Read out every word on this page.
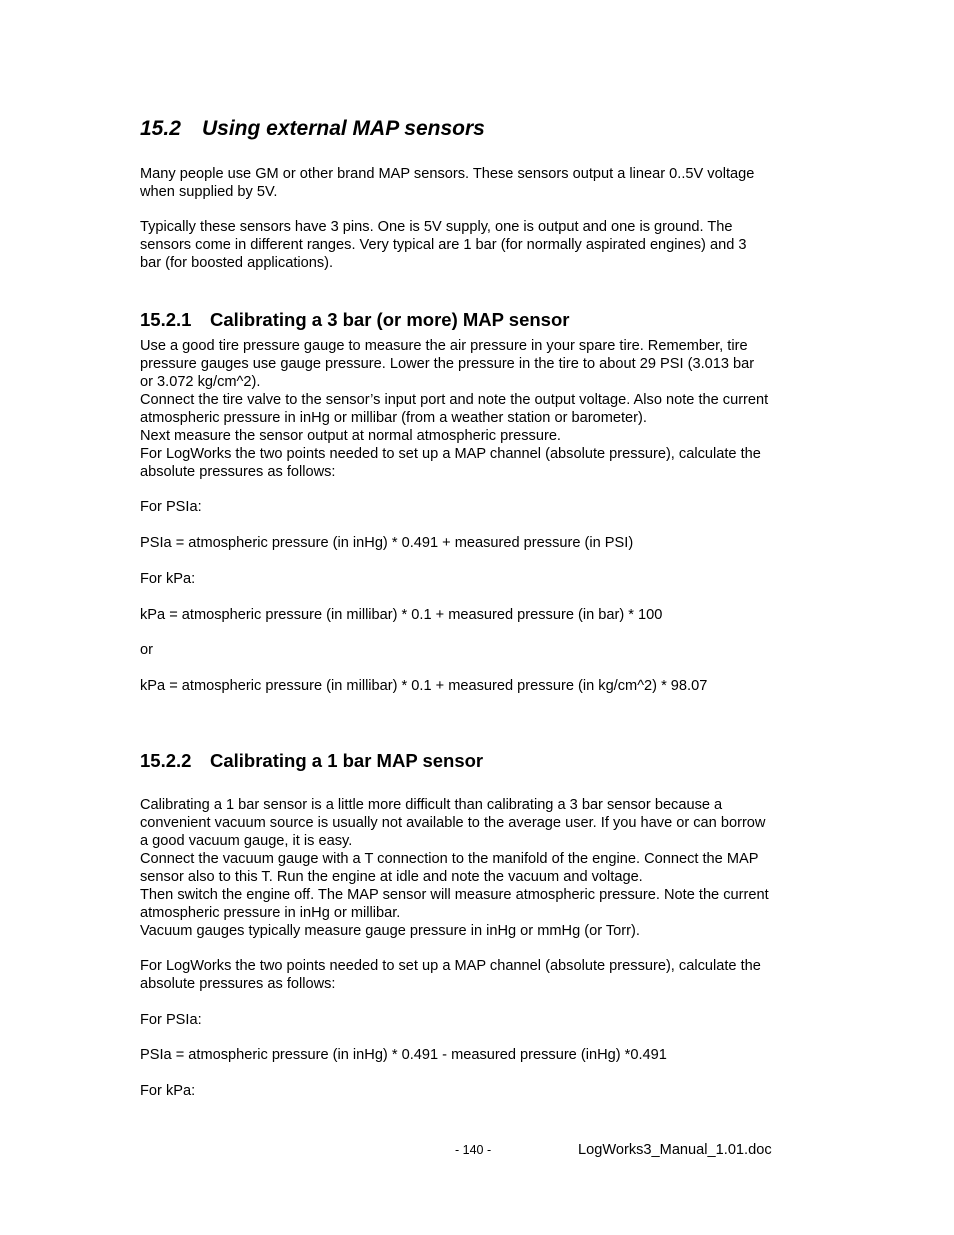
15.2 Using external MAP sensors

Many people use GM or other brand MAP sensors. These sensors output a linear 0..5V voltage
when supplied by 5V.

Typically these sensors have 3 pins. One is 5V supply, one is output and one is ground. The
sensors come in different ranges. Very typical are 1 bar (for normally aspirated engines) and 3
bar (for boosted applications).

15.2.1 Calibrating a 3 bar (or more) MAP sensor

Use a good tire pressure gauge to measure the air pressure in your spare tire. Remember, tire
pressure gauges use gauge pressure. Lower the pressure in the tire to about 29 PSI (3.013 bar
or 3.072 kg/cm^2).
Connect the tire valve to the sensor’s input port and note the output voltage. Also note the current
atmospheric pressure in inHg or millibar (from a weather station or barometer).
Next measure the sensor output at normal atmospheric pressure.
For LogWorks the two points needed to set up a MAP channel (absolute pressure), calculate the
absolute pressures as follows:

For PSIa:

PSIa = atmospheric pressure (in inHg) * 0.491 + measured pressure (in PSI)

For kPa:

kPa = atmospheric pressure (in millibar) * 0.1 + measured pressure (in bar) * 100

or

kPa = atmospheric pressure (in millibar) * 0.1 + measured pressure (in kg/cm^2) * 98.07

15.2.2 Calibrating a 1 bar MAP sensor

Calibrating a 1 bar sensor is a little more difficult than calibrating a 3 bar sensor because a
convenient vacuum source is usually not available to the average user. If you have or can borrow
a good vacuum gauge, it is easy.
Connect the vacuum gauge with a T connection to the manifold of the engine. Connect the MAP
sensor also to this T. Run the engine at idle and note the vacuum and voltage.
Then switch the engine off. The MAP sensor will measure atmospheric pressure. Note the current
atmospheric pressure in inHg or millibar.
Vacuum gauges typically measure gauge pressure in inHg or mmHg (or Torr).

For LogWorks the two points needed to set up a MAP channel (absolute pressure), calculate the
absolute pressures as follows:

For PSIa:

PSIa = atmospheric pressure (in inHg) * 0.491 - measured pressure (inHg) *0.491

For kPa:

- 140 -	LogWorks3_Manual_1.01.doc
